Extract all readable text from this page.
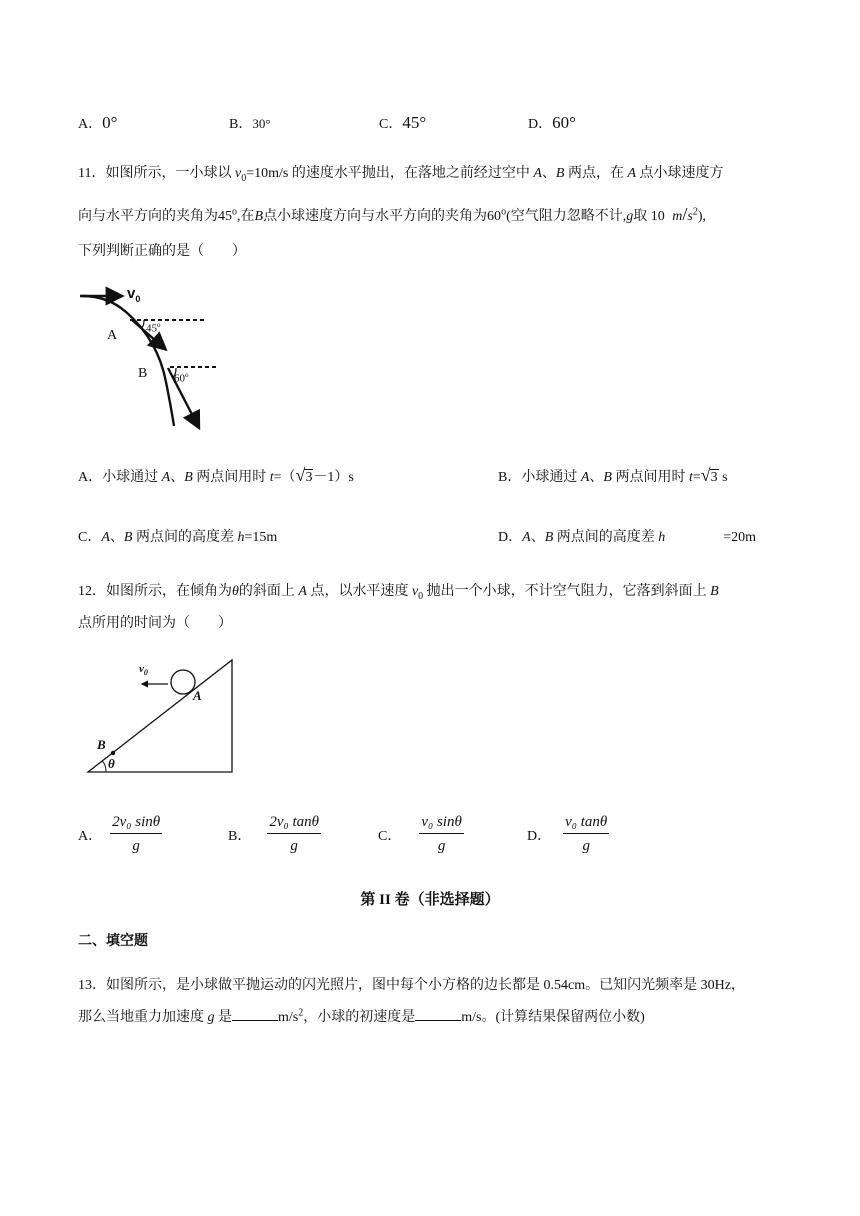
A．0°	B．30°	C．45°	D．60°
11．如图所示，一小球以 $v_0=10m/s$ 的速度水平抛出，在落地之前经过空中 A、B 两点，在 A 点小球速度方
向与水平方向的夹角为45$^o$,在B点小球速度方向与水平方向的夹角为60$^o$(空气阻力忽略不计,g取 10   $m/s^2$),
下列判断正确的是（　　）
$v_0$
A	45$^o$
B 60$^o$
A．小球通过 A、B 两点间用时 t=（√3－1）s	B．小球通过 A、B 两点间用时 t=√3 s
C．A、B 两点间的高度差 h=15m	D．A、B 两点间的高度差 h	=20m
12．如图所示，在倾角为θ的斜面上 A 点，以水平速度 $v_0$ 抛出一个小球，不计空气阻力，它落到斜面上 B
点所用的时间为（　　）
$v_0$
A
B
θ
A． $\frac{\text{2v₀ sinθ}}{g}$	B． $\frac{\text{2v₀ tanθ}}{g}$	C． $\frac{\text{v₀ sinθ}}{g}$	D． $\frac{\text{v₀ tanθ}}{g}$
第 II 卷（非选择题）
二、填空题
13．如图所示，是小球做平抛运动的闪光照片，图中每个小方格的边长都是 0.54cm。已知闪光频率是 30Hz，
那么当地重力加速度 g 是	$m/s^2$，小球的初速度是	m/s。(计算结果保留两位小数)
